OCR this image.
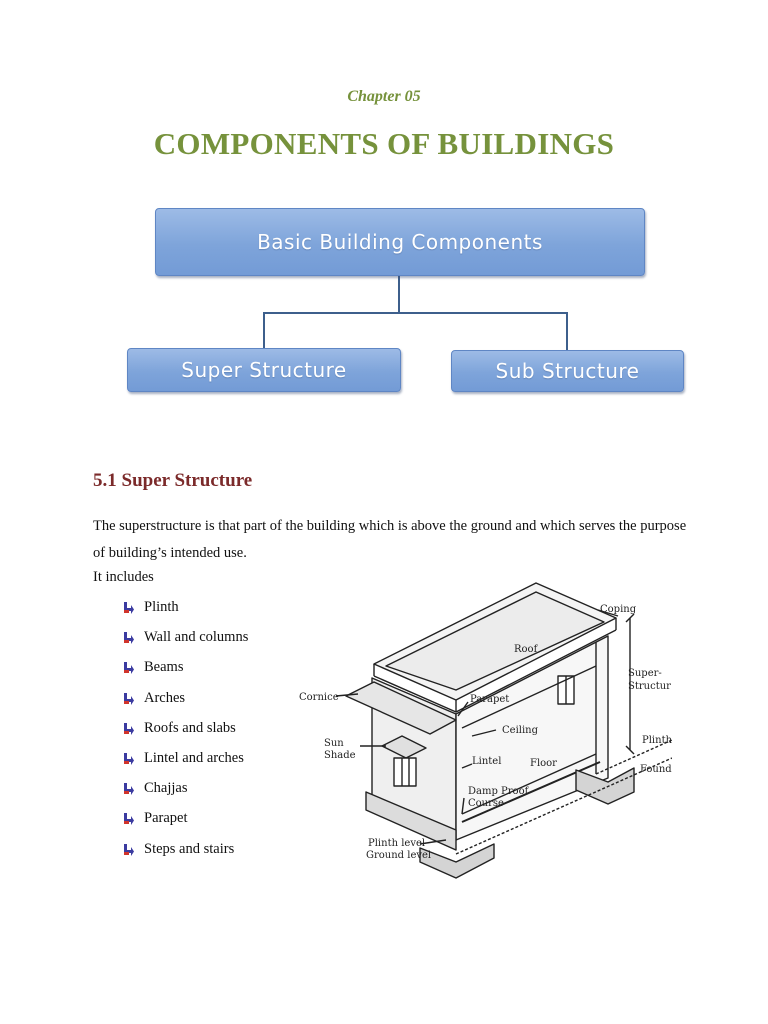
Chapter 05
COMPONENTS OF BUILDINGS
Basic Building Components
Super Structure	Sub Structure
5.1 Super Structure
The superstructure is that part of the building which is above the ground and which serves the purpose of building’s intended use.
It includes
Plinth
Wall and columns
Beams
Arches
Roofs and slabs
Lintel and arches
Chajjas
Parapet
Steps and stairs
Coping
Roof
Super-
Structur
Cornice	Parapet
Ceiling
Sun
Shade
Lintel	Floor
Plinth
Found
Damp Proof
Course
Plinth level
Ground level
